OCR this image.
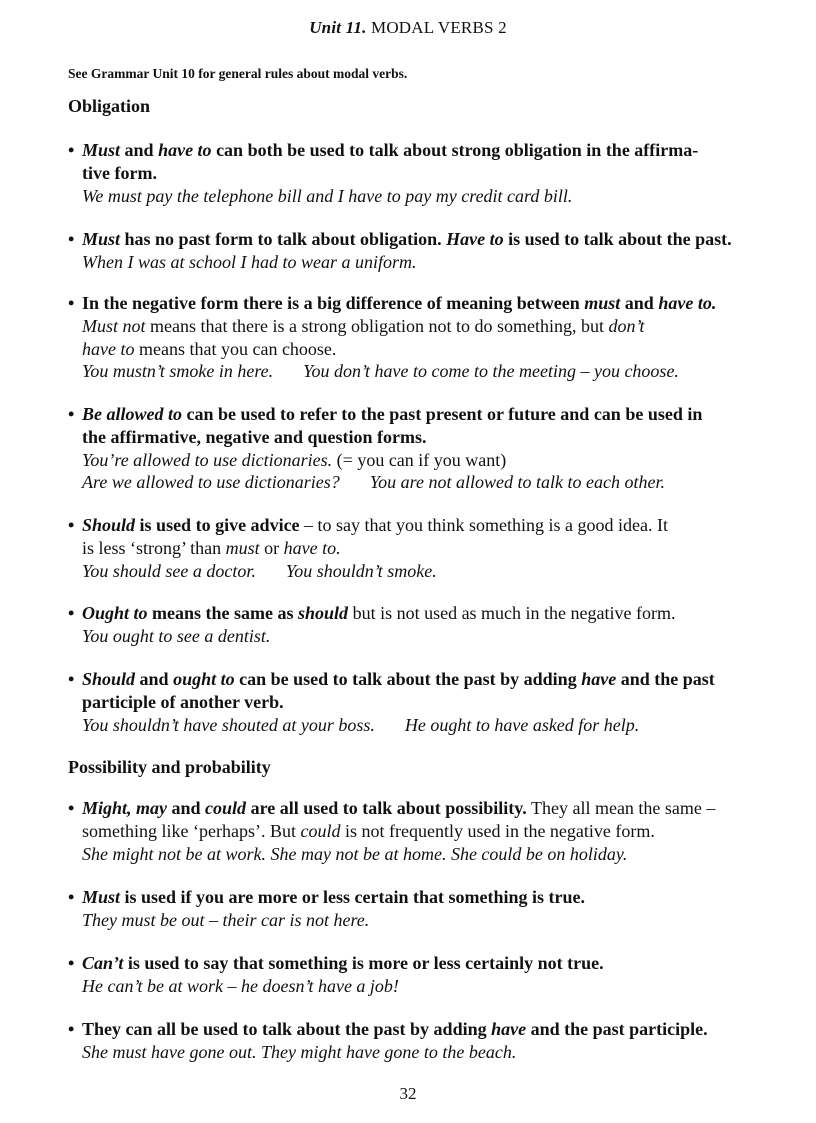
Unit 11. MODAL VERBS 2
See Grammar Unit 10 for general rules about modal verbs.
Obligation
• Must and have to can both be used to talk about strong obligation in the affirma-
tive form.
We must pay the telephone bill and I have to pay my credit card bill.
• Must has no past form to talk about obligation. Have to is used to talk about the past.
When I was at school I had to wear a uniform.
• In the negative form there is a big difference of meaning between must and have to.
Must not means that there is a strong obligation not to do something, but don’t
have to means that you can choose.
You mustn’t smoke in here. You don’t have to come to the meeting – you choose.
• Be allowed to can be used to refer to the past present or future and can be used in
the affirmative, negative and question forms.
You’re allowed to use dictionaries. (= you can if you want)
Are we allowed to use dictionaries? You are not allowed to talk to each other.
• Should is used to give advice – to say that you think something is a good idea. It
is less ‘strong’ than must or have to.
You should see a doctor. You shouldn’t smoke.
• Ought to means the same as should but is not used as much in the negative form.
You ought to see a dentist.
• Should and ought to can be used to talk about the past by adding have and the past
participle of another verb.
You shouldn’t have shouted at your boss. He ought to have asked for help.
Possibility and probability
• Might, may and could are all used to talk about possibility. They all mean the same –
something like ‘perhaps’. But could is not frequently used in the negative form.
She might not be at work. She may not be at home. She could be on holiday.
• Must is used if you are more or less certain that something is true.
They must be out – their car is not here.
• Can’t is used to say that something is more or less certainly not true.
He can’t be at work – he doesn’t have a job!
• They can all be used to talk about the past by adding have and the past participle.
She must have gone out. They might have gone to the beach.
32
